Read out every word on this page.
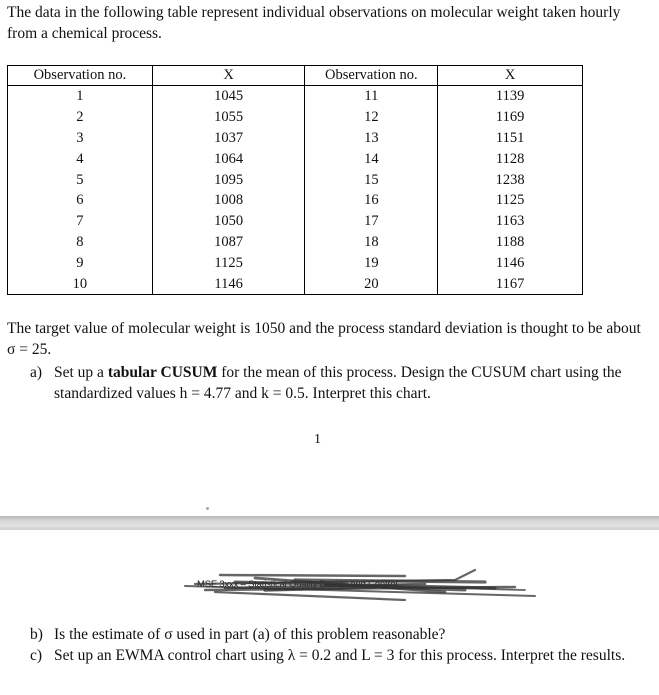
The data in the following table represent individual observations on molecular weight taken hourly from a chemical process.

Observation no.	X	Observation no.	X
1	1045	11	1139
2	1055	12	1169
3	1037	13	1151
4	1064	14	1128
5	1095	15	1238
6	1008	16	1125
7	1050	17	1163
8	1087	18	1188
9	1125	19	1146
10	1146	20	1167

The target value of molecular weight is 1050 and the process standard deviation is thought to be about σ = 25.

a) Set up a tabular CUSUM for the mean of this process. Design the CUSUM chart using the standardized values h = 4.77 and k = 0.5. Interpret this chart.
1
MSE 3xxx – Statistical Quality Design and Control
b) Is the estimate of σ used in part (a) of this problem reasonable?
c) Set up an EWMA control chart using λ = 0.2 and L = 3 for this process. Interpret the results.
